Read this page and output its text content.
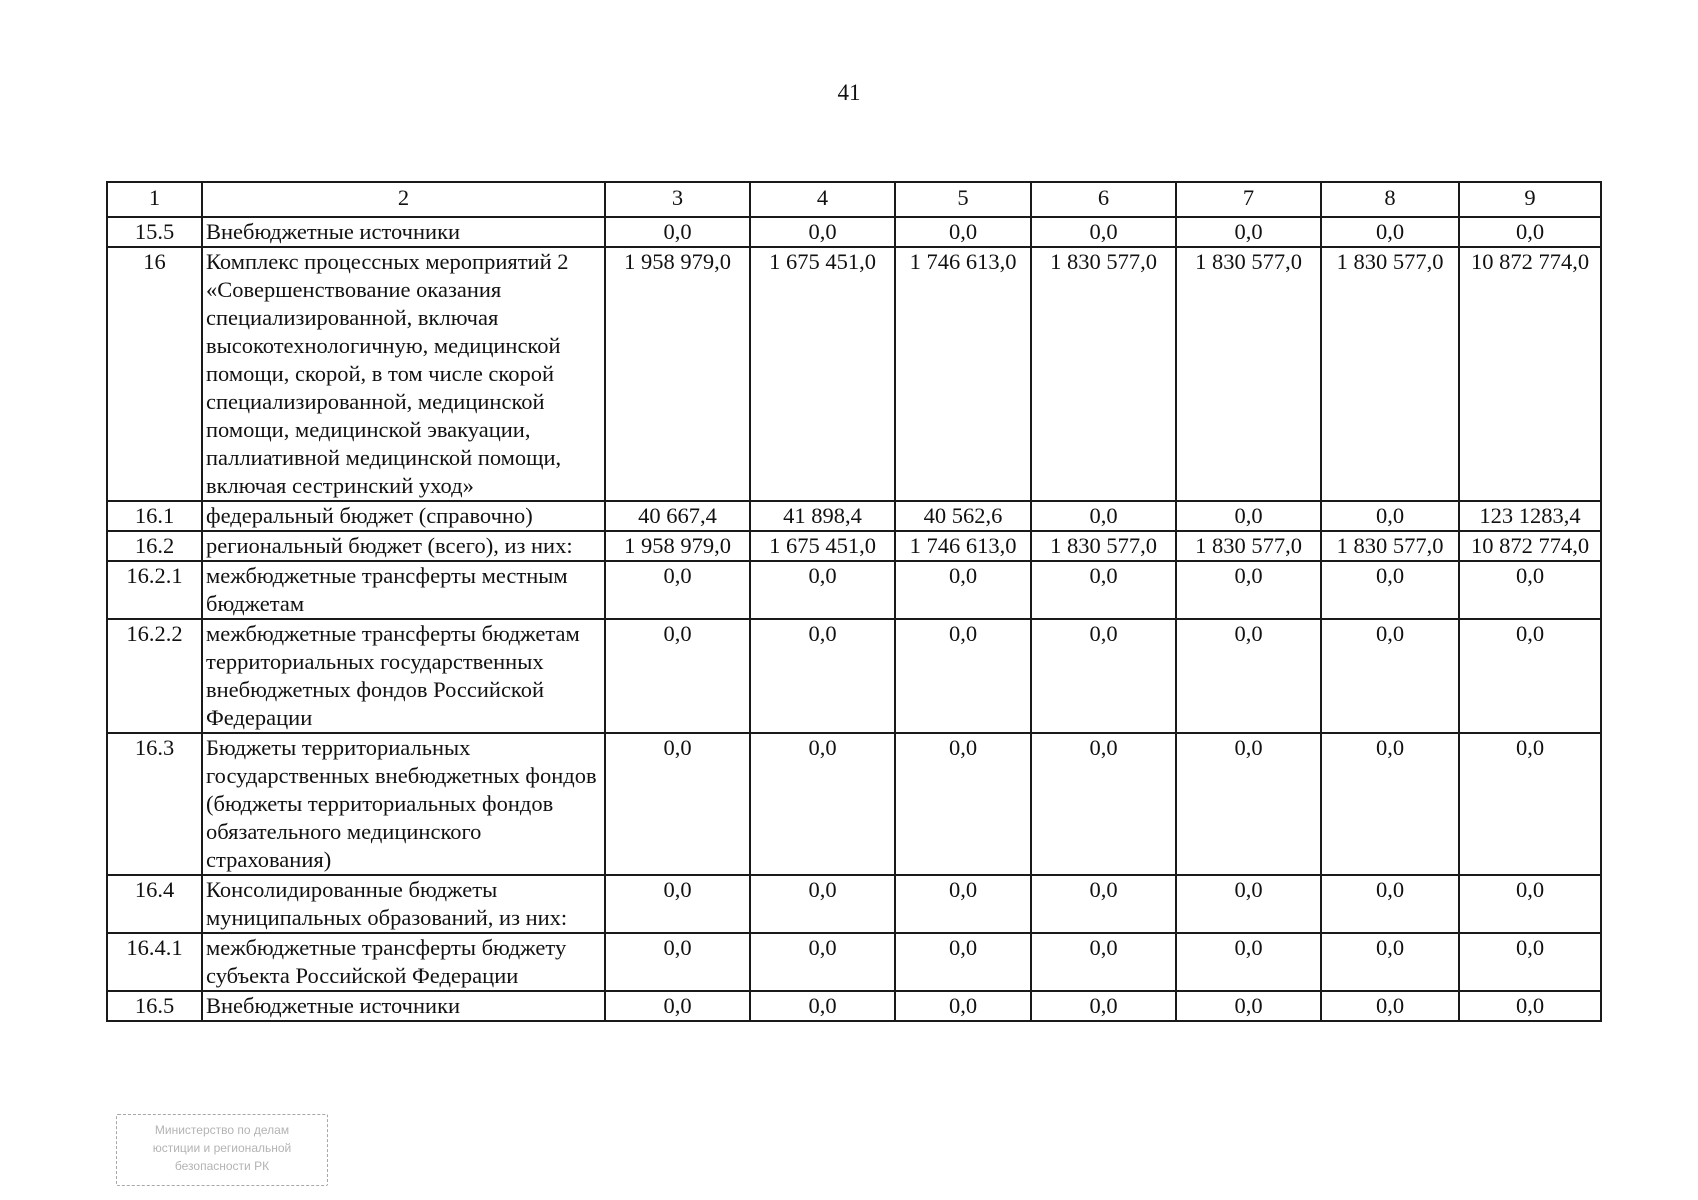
41
1	2	3	4	5	6	7	8	9
15.5	Внебюджетные источники	0,0	0,0	0,0	0,0	0,0	0,0	0,0
16	Комплекс процессных мероприятий 2 «Совершенствование оказания специализированной, включая высокотехнологичную, медицинской помощи, скорой, в том числе скорой специализированной, медицинской помощи, медицинской эвакуации, паллиативной медицинской помощи, включая сестринский уход»	1 958 979,0	1 675 451,0	1 746 613,0	1 830 577,0	1 830 577,0	1 830 577,0	10 872 774,0
16.1	федеральный бюджет (справочно)	40 667,4	41 898,4	40 562,6	0,0	0,0	0,0	123 1283,4
16.2	региональный бюджет (всего), из них:	1 958 979,0	1 675 451,0	1 746 613,0	1 830 577,0	1 830 577,0	1 830 577,0	10 872 774,0
16.2.1	межбюджетные трансферты местным бюджетам	0,0	0,0	0,0	0,0	0,0	0,0	0,0
16.2.2	межбюджетные трансферты бюджетам территориальных государственных внебюджетных фондов Российской Федерации	0,0	0,0	0,0	0,0	0,0	0,0	0,0
16.3	Бюджеты территориальных государственных внебюджетных фондов (бюджеты территориальных фондов обязательного медицинского страхования)	0,0	0,0	0,0	0,0	0,0	0,0	0,0
16.4	Консолидированные бюджеты муниципальных образований, из них:	0,0	0,0	0,0	0,0	0,0	0,0	0,0
16.4.1	межбюджетные трансферты бюджету субъекта Российской Федерации	0,0	0,0	0,0	0,0	0,0	0,0	0,0
16.5	Внебюджетные источники	0,0	0,0	0,0	0,0	0,0	0,0	0,0
Министерство по делам
юстиции и региональной
безопасности РК
